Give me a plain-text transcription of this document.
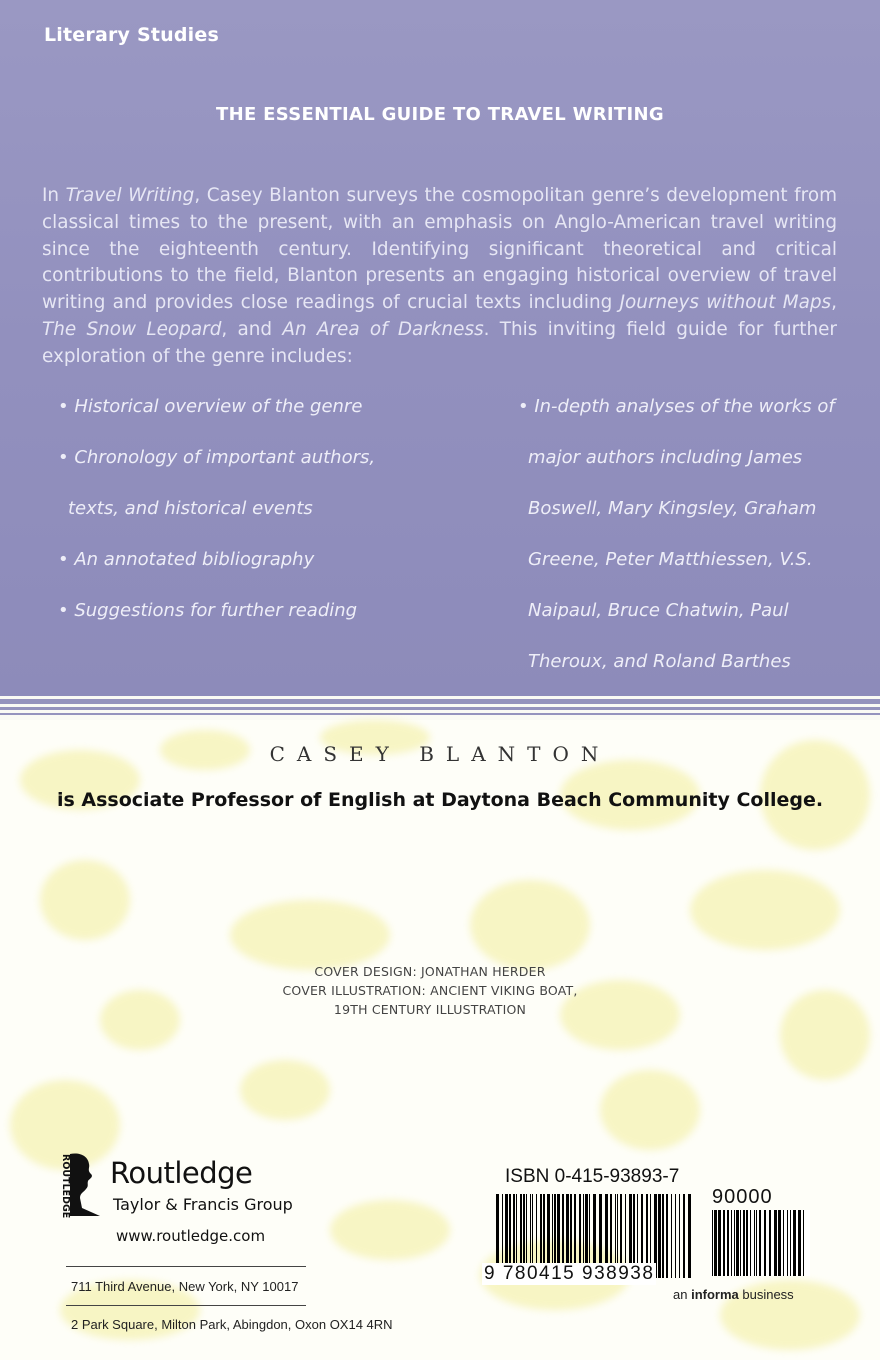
Literary Studies
THE ESSENTIAL GUIDE TO TRAVEL WRITING
In Travel Writing, Casey Blanton surveys the cosmopolitan genre’s development from classical times to the present, with an emphasis on Anglo-American travel writing since the eighteenth century. Identifying significant theoretical and critical contributions to the field, Blanton presents an engaging historical overview of travel writing and provides close readings of crucial texts including Journeys without Maps, The Snow Leopard, and An Area of Darkness. This inviting field guide for further exploration of the genre includes:
• Historical overview of the genre
• Chronology of important authors,
texts, and historical events
• An annotated bibliography
• Suggestions for further reading
• In-depth analyses of the works of
major authors including James
Boswell, Mary Kingsley, Graham
Greene, Peter Matthiessen, V.S.
Naipaul, Bruce Chatwin, Paul
Theroux, and Roland Barthes
CASEY BLANTON
is Associate Professor of English at Daytona Beach Community College.
COVER DESIGN: JONATHAN HERDER
COVER ILLUSTRATION: ANCIENT VIKING BOAT,
19TH CENTURY ILLUSTRATION
ROUTLEDGE Routledge
Taylor & Francis Group
www.routledge.com
711 Third Avenue, New York, NY 10017
2 Park Square, Milton Park, Abingdon, Oxon OX14 4RN
ISBN 0-415-93893-7
90000
9 780415 938938
an informa business
